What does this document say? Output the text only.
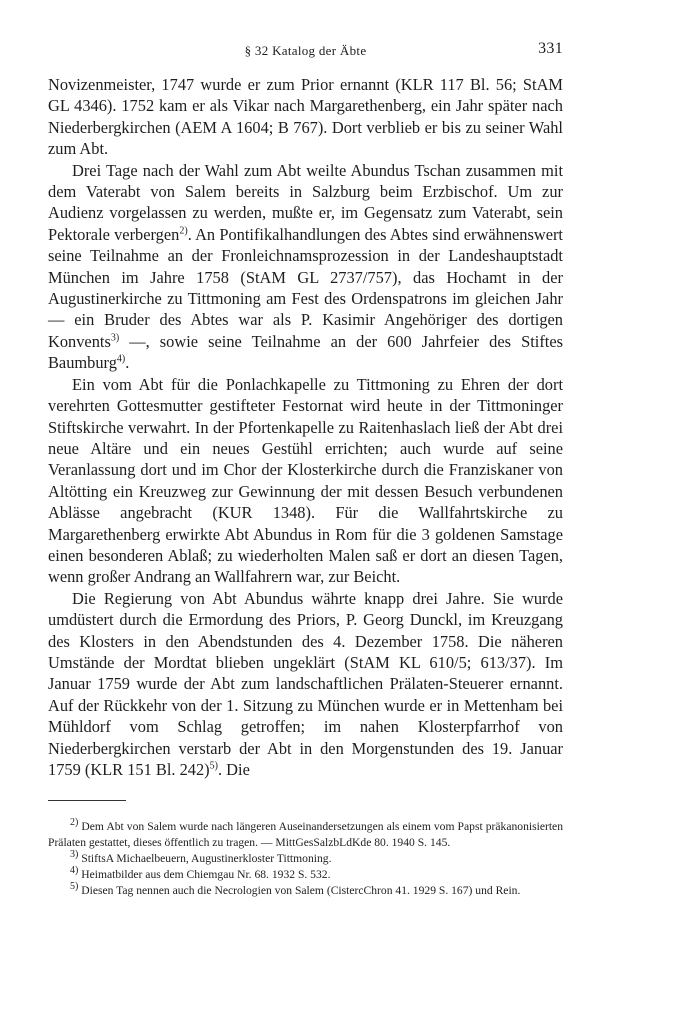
§ 32 Katalog der Äbte	331

Novizenmeister, 1747 wurde er zum Prior ernannt (KLR 117 Bl. 56; StAM GL 4346). 1752 kam er als Vikar nach Margarethenberg, ein Jahr später nach Niederbergkirchen (AEM A 1604; B 767). Dort verblieb er bis zu seiner Wahl zum Abt.

Drei Tage nach der Wahl zum Abt weilte Abundus Tschan zusammen mit dem Vaterabt von Salem bereits in Salzburg beim Erzbischof. Um zur Audienz vorgelassen zu werden, mußte er, im Gegensatz zum Vaterabt, sein Pektorale verbergen$^{2)}$. An Pontifikalhandlungen des Abtes sind erwähnenswert seine Teilnahme an der Fronleichnamsprozession in der Landeshauptstadt München im Jahre 1758 (StAM GL 2737/757), das Hochamt in der Augustinerkirche zu Tittmoning am Fest des Ordenspatrons im gleichen Jahr — ein Bruder des Abtes war als P. Kasimir Angehöriger des dortigen Konvents$^{3)}$ —, sowie seine Teilnahme an der 600 Jahrfeier des Stiftes Baumburg$^{4)}$.

Ein vom Abt für die Ponlachkapelle zu Tittmoning zu Ehren der dort verehrten Gottesmutter gestifteter Festornat wird heute in der Tittmoninger Stiftskirche verwahrt. In der Pfortenkapelle zu Raitenhaslach ließ der Abt drei neue Altäre und ein neues Gestühl errichten; auch wurde auf seine Veranlassung dort und im Chor der Klosterkirche durch die Franziskaner von Altötting ein Kreuzweg zur Gewinnung der mit dessen Besuch verbundenen Ablässe angebracht (KUR 1348). Für die Wallfahrtskirche zu Margarethenberg erwirkte Abt Abundus in Rom für die 3 goldenen Samstage einen besonderen Ablaß; zu wiederholten Malen saß er dort an diesen Tagen, wenn großer Andrang an Wallfahrern war, zur Beicht.

Die Regierung von Abt Abundus währte knapp drei Jahre. Sie wurde umdüstert durch die Ermordung des Priors, P. Georg Dunckl, im Kreuzgang des Klosters in den Abendstunden des 4. Dezember 1758. Die näheren Umstände der Mordtat blieben ungeklärt (StAM KL 610/5; 613/37). Im Januar 1759 wurde der Abt zum landschaftlichen Prälaten-Steuerer ernannt. Auf der Rückkehr von der 1. Sitzung zu München wurde er in Mettenham bei Mühldorf vom Schlag getroffen; im nahen Klosterpfarrhof von Niederbergkirchen verstarb der Abt in den Morgenstunden des 19. Januar 1759 (KLR 151 Bl. 242)$^{5)}$. Die

$^{2)}$ Dem Abt von Salem wurde nach längeren Auseinandersetzungen als einem vom Papst präkanonisierten Prälaten gestattet, dieses öffentlich zu tragen. — MittGesSalzbLdKde 80. 1940 S. 145.

$^{3)}$ StiftsA Michaelbeuern, Augustinerkloster Tittmoning.

$^{4)}$ Heimatbilder aus dem Chiemgau Nr. 68. 1932 S. 532.

$^{5)}$ Diesen Tag nennen auch die Necrologien von Salem (CistercChron 41. 1929 S. 167) und Rein.
